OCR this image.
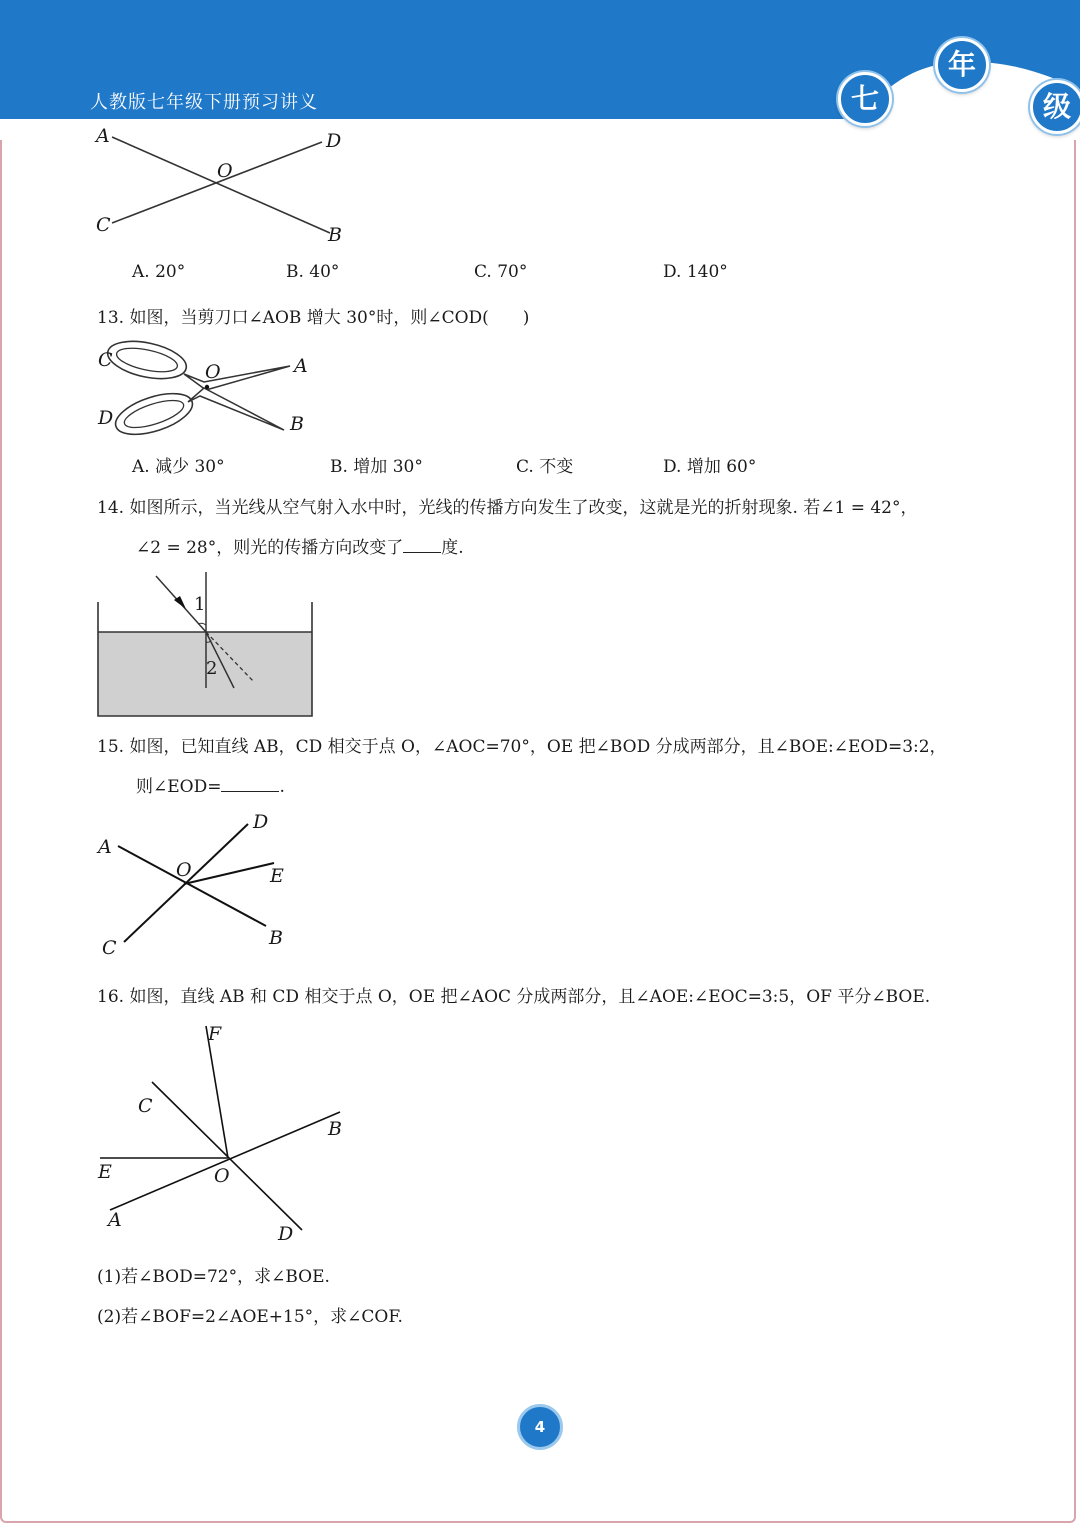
人教版七年级下册预习讲义	七
年
级
A	D
O
C	B
A. 20°	B. 40°	C. 70°	D. 140°
13. 如图，当剪刀口∠AOB 增大 30°时，则∠COD(　　)
C
O	A
D	B
A. 减少 30°	B. 增加 30°	C. 不变	D. 增加 60°
14. 如图所示，当光线从空气射入水中时，光线的传播方向发生了改变，这就是光的折射现象. 若∠1 = 42°，
∠2 = 28°，则光的传播方向改变了 度.
1
2
15. 如图，已知直线 AB，CD 相交于点 O，∠AOC=70°，OE 把∠BOD 分成两部分，且∠BOE:∠EOD=3:2，
则∠EOD=	.
A
D
O	E
C	B
16. 如图，直线 AB 和 CD 相交于点 O，OE 把∠AOC 分成两部分，且∠AOE:∠EOC=3:5，OF 平分∠BOE.
F
C
B
E	O
A
D
(1)若∠BOD=72°，求∠BOE.
(2)若∠BOF=2∠AOE+15°，求∠COF.
4
